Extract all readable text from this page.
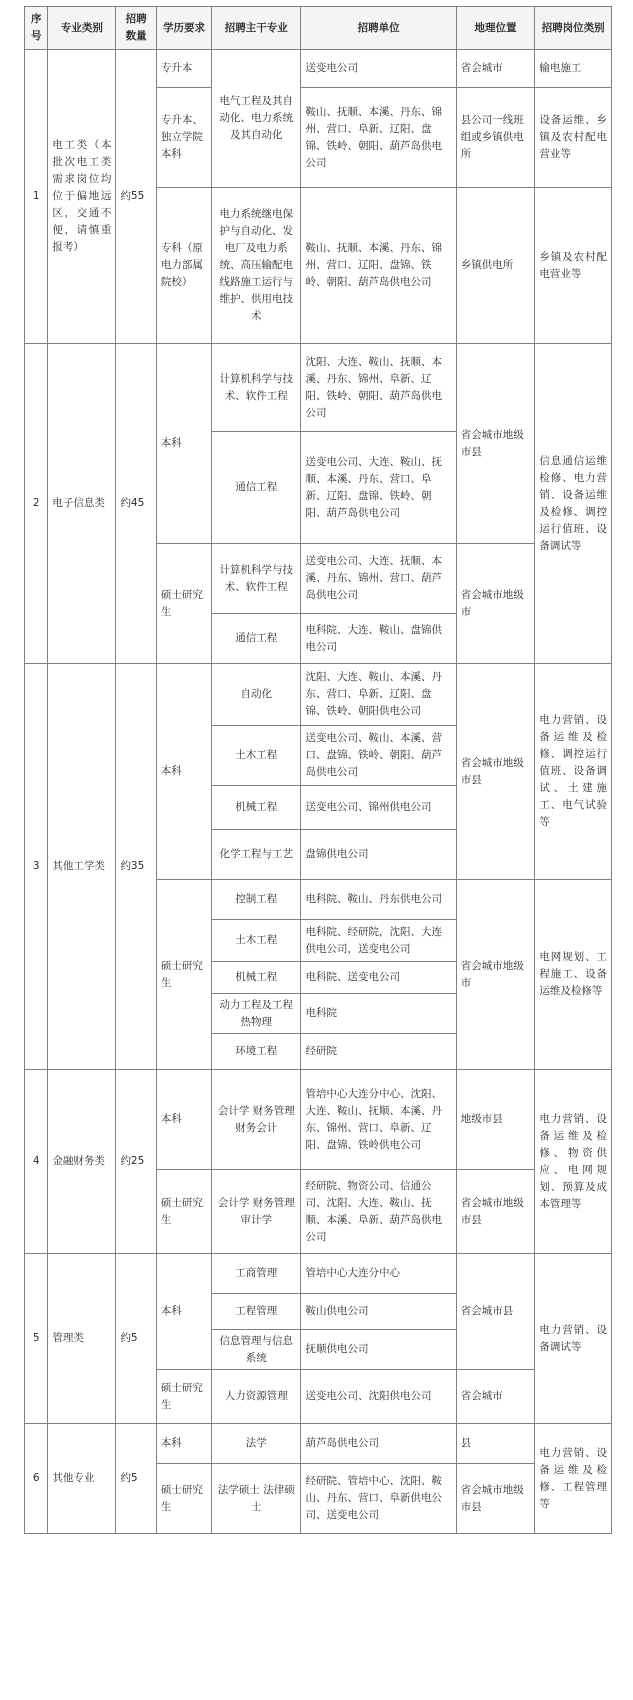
序号	专业类别	招聘数量	学历要求	招聘主干专业	招聘单位	地理位置	招聘岗位类别
1	电工类（本批次电工类需求岗位均位于偏地远区，交通不便，请慎重报考）	约55	专升本	电气工程及其自动化、电力系统及其自动化	送变电公司	省会城市	输电施工
			专升本、独立学院本科		鞍山、抚顺、本溪、丹东、锦州、营口、阜新、辽阳、盘锦、铁岭、朝阳、葫芦岛供电公司	县公司一线班组或乡镇供电所	设备运维、乡镇及农村配电营业等
			专科（原电力部属院校）	电力系统继电保护与自动化、发电厂及电力系统、高压输配电线路施工运行与维护、供用电技术	鞍山、抚顺、本溪、丹东、锦州、营口、辽阳、盘锦、铁岭、朝阳、葫芦岛供电公司	乡镇供电所	乡镇及农村配电营业等
2	电子信息类	约45	本科	计算机科学与技术、软件工程	沈阳、大连、鞍山、抚顺、本溪、丹东、锦州、阜新、辽阳、铁岭、朝阳、葫芦岛供电公司	省会城市地级市县	信息通信运维检修、电力营销、设备运维及检修、调控运行值班、设备调试等
				通信工程	送变电公司、大连、鞍山、抚顺、本溪、丹东、营口、阜新、辽阳、盘锦、铁岭、朝阳、葫芦岛供电公司		
			硕士研究生	计算机科学与技术、软件工程	送变电公司、大连、抚顺、本溪、丹东、锦州、营口、葫芦岛供电公司	省会城市地级市	
				通信工程	电科院、大连、鞍山、盘锦供电公司		
3	其他工学类	约35	本科	自动化	沈阳、大连、鞍山、本溪、丹东、营口、阜新、辽阳、盘锦、铁岭、朝阳供电公司	省会城市地级市县	电力营销、设备运维及检修、调控运行值班、设备调试、土建施工、电气试验等
				土木工程	送变电公司、鞍山、本溪、营口、盘锦、铁岭、朝阳、葫芦岛供电公司		
				机械工程	送变电公司、锦州供电公司		
				化学工程与工艺	盘锦供电公司		
			硕士研究生	控制工程	电科院、鞍山、丹东供电公司	省会城市地级市	电网规划、工程施工、设备运维及检修等
				土木工程	电科院、经研院，沈阳、大连供电公司，送变电公司		
				机械工程	电科院、送变电公司		
				动力工程及工程热物理	电科院		
				环境工程	经研院		
4	金融财务类	约25	本科	会计学 财务管理 财务会计	管培中心大连分中心、沈阳、大连、鞍山、抚顺、本溪、丹东、锦州、营口、阜新、辽阳、盘锦、铁岭供电公司	地级市县	电力营销、设备运维及检修、物资供应、电网规划、预算及成本管理等
			硕士研究生	会计学 财务管理 审计学	经研院、物资公司、信通公司、沈阳、大连、鞍山、抚顺、本溪、阜新、葫芦岛供电公司	省会城市地级市县	
5	管理类	约5	本科	工商管理	管培中心大连分中心	省会城市县	电力营销、设备调试等
				工程管理	鞍山供电公司		
				信息管理与信息系统	抚顺供电公司		
			硕士研究生	人力资源管理	送变电公司、沈阳供电公司	省会城市	
6	其他专业	约5	本科	法学	葫芦岛供电公司	县	电力营销、设备运维及检修、工程管理等
			硕士研究生	法学硕士 法律硕士	经研院、管培中心、沈阳、鞍山、丹东、营口、阜新供电公司、送变电公司	省会城市地级市县	
